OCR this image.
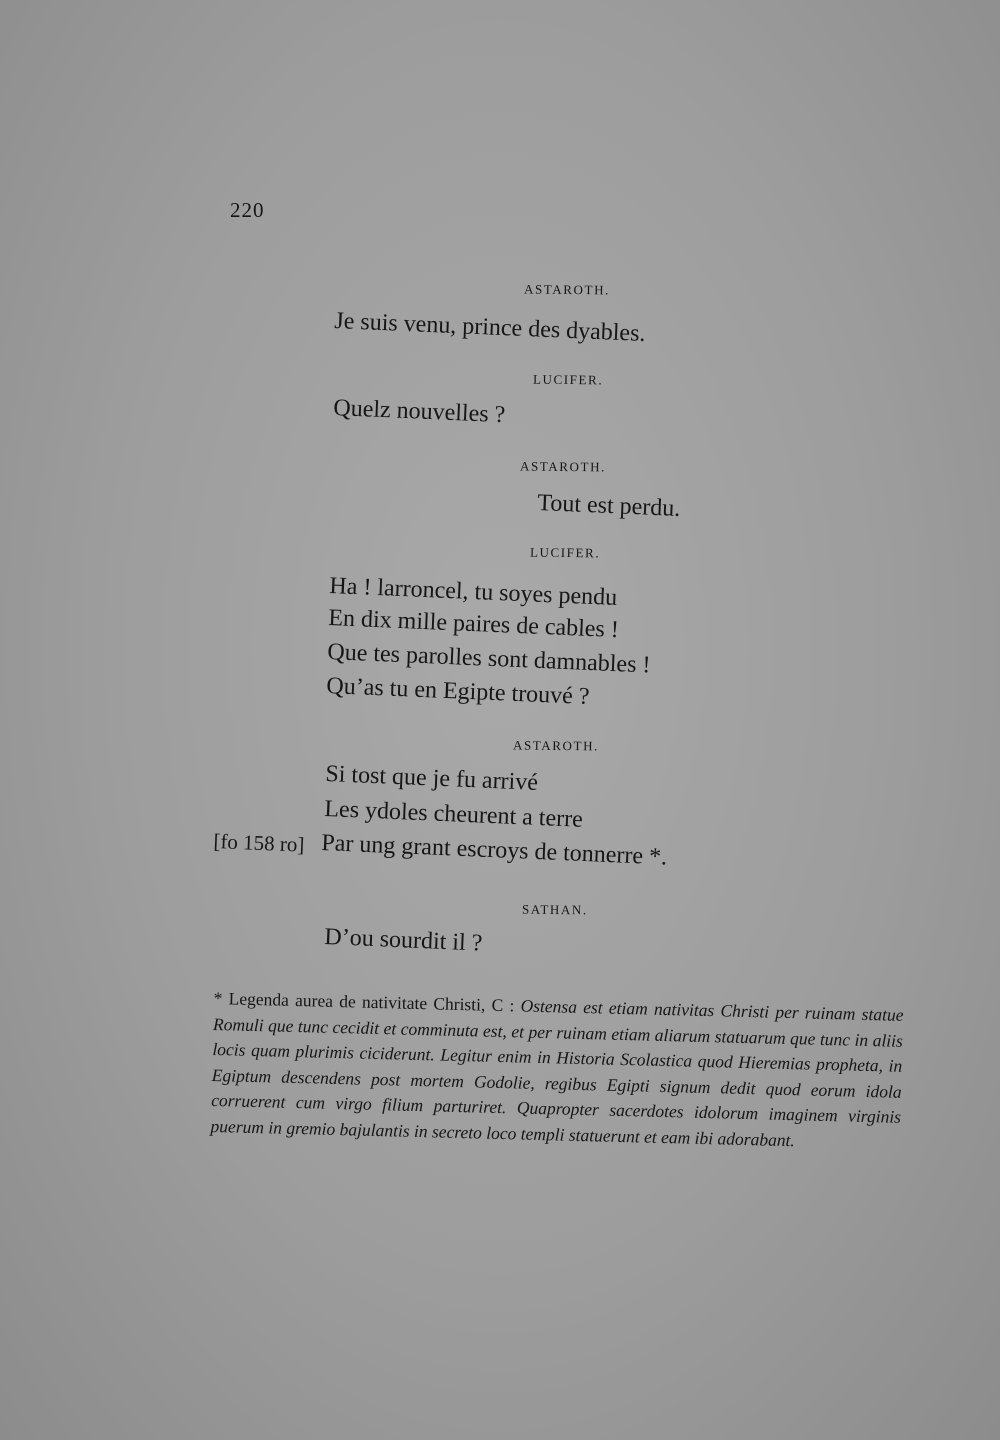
220
ASTAROTH.
Je suis venu, prince des dyables.
LUCIFER.
Quelz nouvelles ?
ASTAROTH.
Tout est perdu.
LUCIFER.
Ha ! larroncel, tu soyes pendu
En dix mille paires de cables !
Que tes parolles sont damnables !
Qu’as tu en Egipte trouvé ?
ASTAROTH.
Si tost que je fu arrivé
Les ydoles cheurent a terre
[fo 158 ro] Par ung grant escroys de tonnerre *.
SATHAN.
D’ou sourdit il ?
* Legenda aurea de nativitate Christi, C : Ostensa est etiam nativitas Christi per ruinam statue Romuli que tunc cecidit et comminuta est, et per ruinam etiam aliarum statuarum que tunc in aliis locis quam plurimis ciciderunt. Legitur enim in Historia Scolastica quod Hieremias propheta, in Egiptum descendens post mortem Godolie, regibus Egipti signum dedit quod eorum idola corruerent cum virgo filium parturiret. Quapropter sacerdotes idolorum imaginem virginis puerum in gremio bajulantis in secreto loco templi statuerunt et eam ibi adorabant.
